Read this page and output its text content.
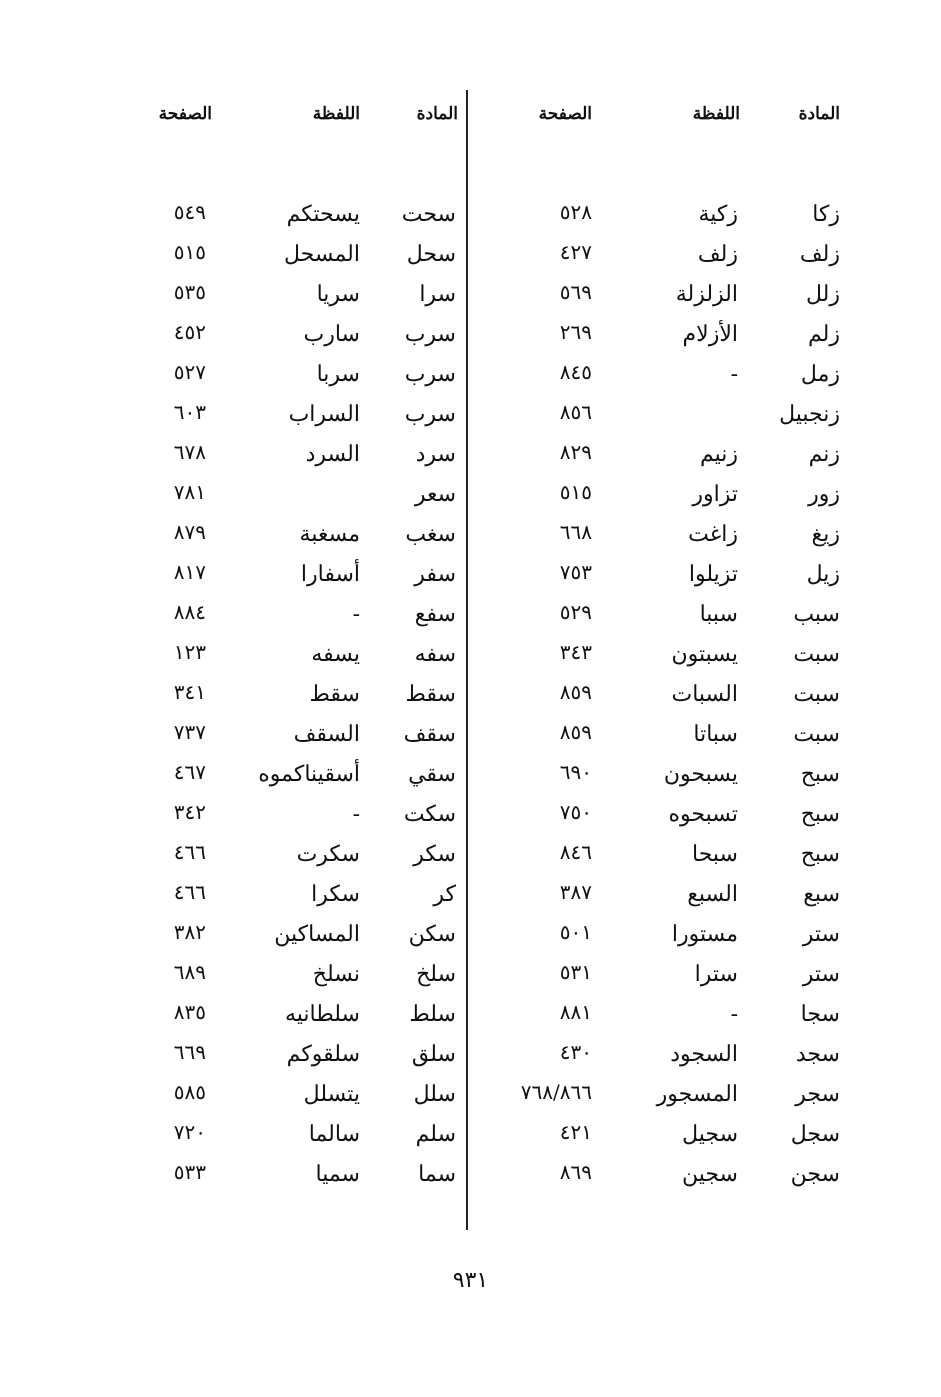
المادة
اللفظة
الصفحة
زكا
زكية
٥٢٨
زلف
زلف
٤٢٧
زلل
الزلزلة
٥٦٩
زلم
الأزلام
٢٦٩
زمل
-
٨٤٥
زنجبيل
٨٥٦
زنم
زنيم
٨٢٩
زور
تزاور
٥١٥
زيغ
زاغت
٦٦٨
زيل
تزيلوا
٧٥٣
سبب
سببا
٥٢٩
سبت
يسبتون
٣٤٣
سبت
السبات
٨٥٩
سبت
سباتا
٨٥٩
سبح
يسبحون
٦٩٠
سبح
تسبحوه
٧٥٠
سبح
سبحا
٨٤٦
سبع
السبع
٣٨٧
ستر
مستورا
٥٠١
ستر
سترا
٥٣١
سجا
-
٨٨١
سجد
السجود
٤٣٠
سجر
المسجور
٧٦٨/٨٦٦
سجل
سجيل
٤٢١
سجن
سجين
٨٦٩
المادة
اللفظة
الصفحة
سحت
يسحتكم
٥٤٩
سحل
المسحل
٥١٥
سرا
سريا
٥٣٥
سرب
سارب
٤٥٢
سرب
سربا
٥٢٧
سرب
السراب
٦٠٣
سرد
السرد
٦٧٨
سعر
٧٨١
سغب
مسغبة
٨٧٩
سفر
أسفارا
٨١٧
سفع
-
٨٨٤
سفه
يسفه
١٢٣
سقط
سقط
٣٤١
سقف
السقف
٧٣٧
سقي
أسقيناكموه
٤٦٧
سكت
-
٣٤٢
سكر
سكرت
٤٦٦
كر
سكرا
٤٦٦
سكن
المساكين
٣٨٢
سلخ
نسلخ
٦٨٩
سلط
سلطانيه
٨٣٥
سلق
سلقوكم
٦٦٩
سلل
يتسلل
٥٨٥
سلم
سالما
٧٢٠
سما
سميا
٥٣٣
٩٣١
